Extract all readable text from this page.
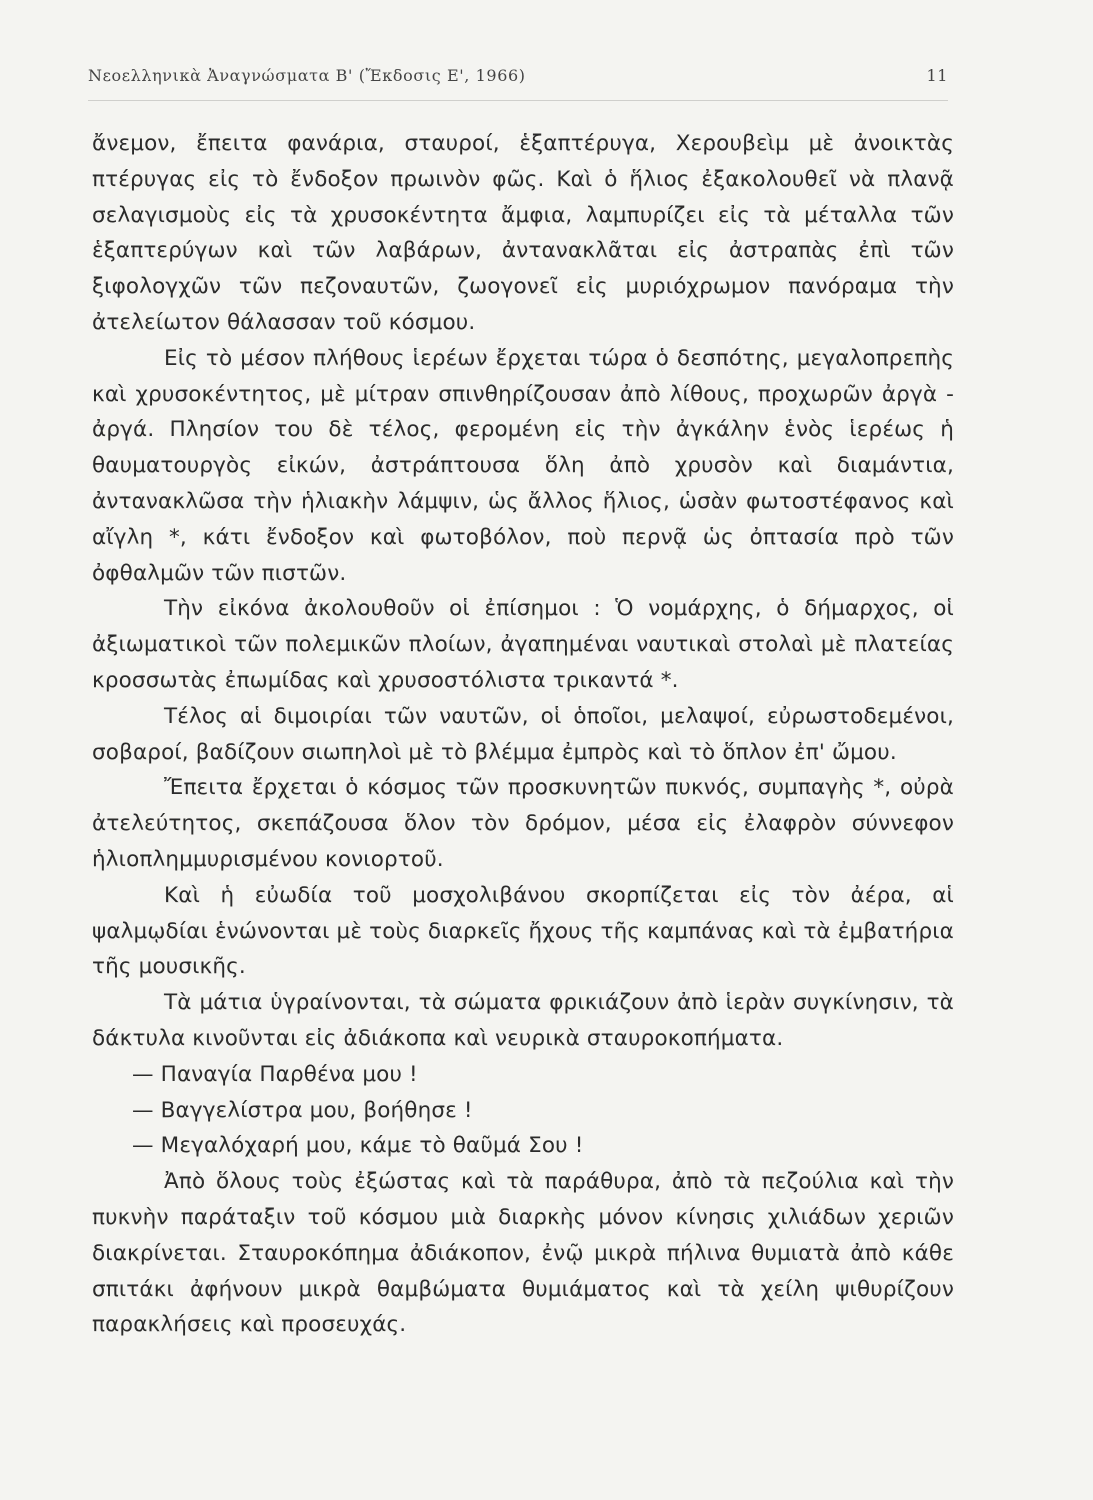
Νεοελληνικὰ Ἀναγνώσματα Β' (Ἔκδοσις Ε', 1966)	11

ἄνεμον, ἔπειτα φανάρια, σταυροί, ἑξαπτέρυγα, Χερουβεὶμ μὲ ἀνοικτὰς πτέρυγας εἰς τὸ ἔνδοξον πρωινὸν φῶς. Καὶ ὁ ἥλιος ἐξακολουθεῖ νὰ πλανᾷ σελαγισμοὺς εἰς τὰ χρυσοκέντητα ἄμφια, λαμπυρίζει εἰς τὰ μέταλλα τῶν ἑξαπτερύγων καὶ τῶν λαβάρων, ἀντανακλᾶται εἰς ἀστραπὰς ἐπὶ τῶν ξιφολογχῶν τῶν πεζοναυτῶν, ζωογονεῖ εἰς μυριόχρωμον πανόραμα τὴν ἀτελείωτον θάλασσαν τοῦ κόσμου.

Εἰς τὸ μέσον πλήθους ἱερέων ἔρχεται τώρα ὁ δεσπότης, μεγαλοπρεπὴς καὶ χρυσοκέντητος, μὲ μίτραν σπινθηρίζουσαν ἀπὸ λίθους, προχωρῶν ἀργὰ - ἀργά. Πλησίον του δὲ τέλος, φερομένη εἰς τὴν ἀγκάλην ἑνὸς ἱερέως ἡ θαυματουργὸς εἰκών, ἀστράπτουσα ὅλη ἀπὸ χρυσὸν καὶ διαμάντια, ἀντανακλῶσα τὴν ἡλιακὴν λάμψιν, ὡς ἄλλος ἥλιος, ὡσὰν φωτοστέφανος καὶ αἴγλη *, κάτι ἔνδοξον καὶ φωτοβόλον, ποὺ περνᾷ ὡς ὀπτασία πρὸ τῶν ὀφθαλμῶν τῶν πιστῶν.

Τὴν εἰκόνα ἀκολουθοῦν οἱ ἐπίσημοι : Ὁ νομάρχης, ὁ δήμαρχος, οἱ ἀξιωματικοὶ τῶν πολεμικῶν πλοίων, ἀγαπημέναι ναυτικαὶ στολαὶ μὲ πλατείας κροσσωτὰς ἐπωμίδας καὶ χρυσοστόλιστα τρικαντά *.

Τέλος αἱ διμοιρίαι τῶν ναυτῶν, οἱ ὁποῖοι, μελαψοί, εὐρωστοδεμένοι, σοβαροί, βαδίζουν σιωπηλοὶ μὲ τὸ βλέμμα ἐμπρὸς καὶ τὸ ὅπλον ἐπ' ὤμου.

Ἔπειτα ἔρχεται ὁ κόσμος τῶν προσκυνητῶν πυκνός, συμπαγὴς *, οὐρὰ ἀτελεύτητος, σκεπάζουσα ὅλον τὸν δρόμον, μέσα εἰς ἐλαφρὸν σύννεφον ἡλιοπλημμυρισμένου κονιορτοῦ.

Καὶ ἡ εὐωδία τοῦ μοσχολιβάνου σκορπίζεται εἰς τὸν ἀέρα, αἱ ψαλμῳδίαι ἑνώνονται μὲ τοὺς διαρκεῖς ἤχους τῆς καμπάνας καὶ τὰ ἐμβατήρια τῆς μουσικῆς.

Τὰ μάτια ὑγραίνονται, τὰ σώματα φρικιάζουν ἀπὸ ἱερὰν συγκίνησιν, τὰ δάκτυλα κινοῦνται εἰς ἀδιάκοπα καὶ νευρικὰ σταυροκοπήματα.

— Παναγία Παρθένα μου !

— Βαγγελίστρα μου, βοήθησε !

— Μεγαλόχαρή μου, κάμε τὸ θαῦμά Σου !

Ἀπὸ ὅλους τοὺς ἐξώστας καὶ τὰ παράθυρα, ἀπὸ τὰ πεζούλια καὶ τὴν πυκνὴν παράταξιν τοῦ κόσμου μιὰ διαρκὴς μόνον κίνησις χιλιάδων χεριῶν διακρίνεται. Σταυροκόπημα ἀδιάκοπον, ἐνῷ μικρὰ πήλινα θυμιατὰ ἀπὸ κάθε σπιτάκι ἀφήνουν μικρὰ θαμβώματα θυμιάματος καὶ τὰ χείλη ψιθυρίζουν παρακλήσεις καὶ προσευχάς.
